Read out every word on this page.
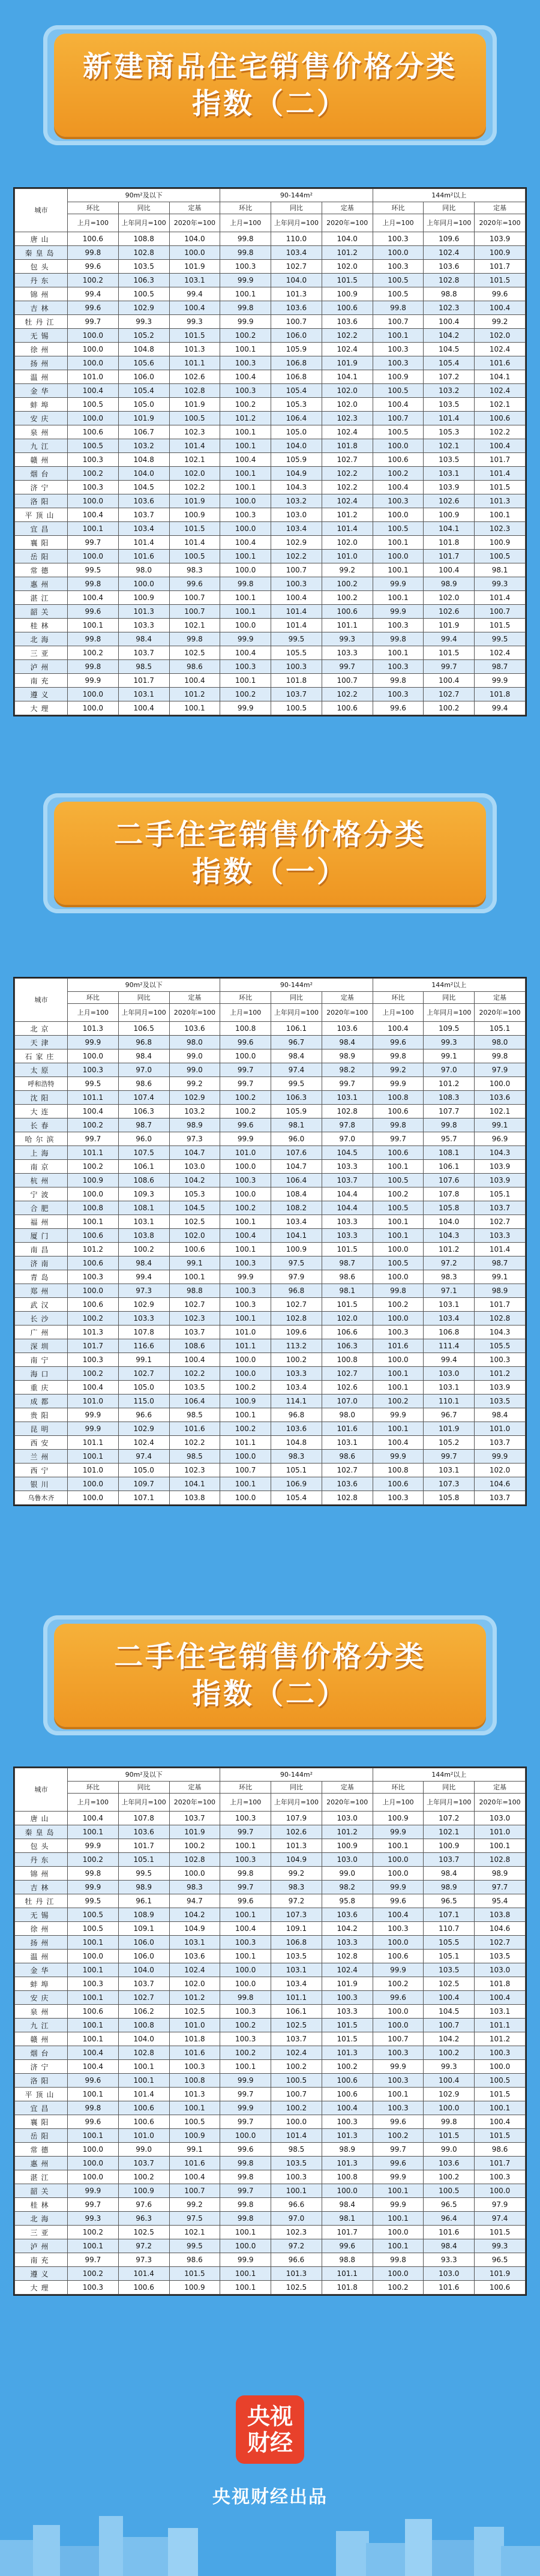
新建商品住宅销售价格分类

指数（二）

城市	90m²及以下			90-144m²			144m²以上		
	环比	同比	定基	环比	同比	定基	环比	同比	定基
	上月=100	上年同月=100	2020年=100	上月=100	上年同月=100	2020年=100	上月=100	上年同月=100	2020年=100
唐山	100.6	108.8	104.0	99.8	110.0	104.0	100.3	109.6	103.9
秦皇岛	99.8	102.8	100.0	99.8	103.4	101.2	100.0	102.4	100.9
包头	99.6	103.5	101.9	100.3	102.7	102.0	100.3	103.6	101.7
丹东	100.2	106.3	103.1	99.9	104.0	101.5	100.5	102.8	101.5
锦州	99.4	100.5	99.4	100.1	101.3	100.9	100.5	98.8	99.6
吉林	99.6	102.9	100.4	99.8	103.6	100.6	99.8	102.3	100.4
牡丹江	99.7	99.3	99.3	99.9	100.7	103.6	100.7	100.4	99.2
无锡	100.0	105.2	101.5	100.2	106.0	102.2	100.1	104.2	102.0
徐州	100.0	104.8	101.3	100.1	105.9	102.4	100.3	104.5	102.4
扬州	100.0	105.6	101.1	100.3	106.8	101.9	100.3	105.4	101.6
温州	101.0	106.0	102.6	100.4	106.8	104.1	100.9	107.2	104.1
金华	100.4	105.4	102.8	100.3	105.4	102.0	100.5	103.2	102.4
蚌埠	100.5	105.0	101.9	100.2	105.3	102.0	100.4	103.5	102.1
安庆	100.0	101.9	100.5	101.2	106.4	102.3	100.7	101.4	100.6
泉州	100.6	106.7	102.3	100.1	105.0	102.4	100.5	105.3	102.2
九江	100.5	103.2	101.4	100.1	104.0	101.8	100.0	102.1	100.4
赣州	100.3	104.8	102.1	100.4	105.9	102.7	100.6	103.5	101.7
烟台	100.2	104.0	102.0	100.1	104.9	102.2	100.2	103.1	101.4
济宁	100.3	104.5	102.2	100.1	104.3	102.2	100.4	103.9	101.5
洛阳	100.0	103.6	101.9	100.0	103.2	102.4	100.3	102.6	101.3
平顶山	100.4	103.7	100.9	100.3	103.0	101.2	100.0	100.9	100.1
宜昌	100.1	103.4	101.5	100.0	103.4	101.4	100.5	104.1	102.3
襄阳	99.7	101.4	101.4	100.4	102.9	102.0	100.1	101.8	100.9
岳阳	100.0	101.6	100.5	100.1	102.2	101.0	100.0	101.7	100.5
常德	99.5	98.0	98.3	100.0	100.7	99.2	100.1	100.4	98.1
惠州	99.8	100.0	99.6	99.8	100.3	100.2	99.9	98.9	99.3
湛江	100.4	100.9	100.7	100.1	100.4	100.2	100.1	102.0	101.4
韶关	99.6	101.3	100.7	100.1	101.4	100.6	99.9	102.6	100.7
桂林	100.1	103.3	102.1	100.0	101.4	101.1	100.3	101.9	101.5
北海	99.8	98.4	99.8	99.9	99.5	99.3	99.8	99.4	99.5
三亚	100.2	103.7	102.5	100.4	105.5	103.3	100.1	101.5	102.4
泸州	99.8	98.5	98.6	100.3	100.3	99.7	100.3	99.7	98.7
南充	99.9	101.7	100.4	100.1	101.8	100.7	99.8	100.4	99.9
遵义	100.0	103.1	101.2	100.2	103.7	102.2	100.3	102.7	101.8
大理	100.0	100.4	100.1	99.9	100.5	100.6	99.6	100.2	99.4

二手住宅销售价格分类

指数（一）

城市	90m²及以下			90-144m²			144m²以上		
	环比	同比	定基	环比	同比	定基	环比	同比	定基
	上月=100	上年同月=100	2020年=100	上月=100	上年同月=100	2020年=100	上月=100	上年同月=100	2020年=100
北京	101.3	106.5	103.6	100.8	106.1	103.6	100.4	109.5	105.1
天津	99.9	96.8	98.0	99.6	96.7	98.4	99.6	99.3	98.0
石家庄	100.0	98.4	99.0	100.0	98.4	98.9	99.8	99.1	99.8
太原	100.3	97.0	99.0	99.7	97.4	98.2	99.2	97.0	97.9
呼和浩特	99.5	98.6	99.2	99.7	99.5	99.7	99.9	101.2	100.0
沈阳	101.1	107.4	102.9	100.2	106.3	103.1	100.8	108.3	103.6
大连	100.4	106.3	103.2	100.2	105.9	102.8	100.6	107.7	102.1
长春	100.2	98.7	98.9	99.6	98.1	97.8	99.8	99.8	99.1
哈尔滨	99.7	96.0	97.3	99.9	96.0	97.0	99.7	95.7	96.9
上海	101.1	107.5	104.7	101.0	107.6	104.5	100.6	108.1	104.3
南京	100.2	106.1	103.0	100.0	104.7	103.3	100.1	106.1	103.9
杭州	100.9	108.6	104.2	100.3	106.4	103.7	100.5	107.6	103.9
宁波	100.0	109.3	105.3	100.0	108.4	104.4	100.2	107.8	105.1
合肥	100.8	108.1	104.5	100.2	108.2	104.4	100.5	105.8	103.7
福州	100.1	103.1	102.5	100.1	103.4	103.3	100.1	104.0	102.7
厦门	100.6	103.8	102.0	100.4	104.1	103.3	100.1	104.3	103.3
南昌	101.2	100.2	100.6	100.1	100.9	101.5	100.0	101.2	101.4
济南	100.6	98.4	99.1	100.3	97.5	98.7	100.5	97.2	98.7
青岛	100.3	99.4	100.1	99.9	97.9	98.6	100.0	98.3	99.1
郑州	100.0	97.3	98.8	100.3	96.8	98.1	99.8	97.1	98.9
武汉	100.6	102.9	102.7	100.3	102.7	101.5	100.2	103.1	101.7
长沙	100.2	103.3	102.3	100.1	102.8	102.0	100.0	103.4	102.8
广州	101.3	107.8	103.7	101.0	109.6	106.6	100.3	106.8	104.3
深圳	101.7	116.6	108.6	101.1	113.2	106.3	101.6	111.4	105.5
南宁	100.3	99.1	100.4	100.0	100.2	100.8	100.0	99.4	100.3
海口	100.2	102.7	102.2	100.0	103.3	102.7	100.1	103.0	101.2
重庆	100.4	105.0	103.5	100.2	103.4	102.6	100.1	103.1	103.9
成都	101.0	115.0	106.4	100.9	114.1	107.0	100.2	110.1	103.5
贵阳	99.9	96.6	98.5	100.1	96.8	98.0	99.9	96.7	98.4
昆明	99.9	102.9	101.6	100.2	103.6	101.6	100.1	101.9	101.0
西安	101.1	102.4	102.2	101.1	104.8	103.1	100.4	105.2	103.7
兰州	100.1	97.4	98.5	100.0	98.3	98.6	99.9	99.7	99.9
西宁	101.0	105.0	102.3	100.7	105.1	102.7	100.8	103.1	102.0
银川	100.0	109.7	104.1	100.1	106.9	103.6	100.6	107.3	104.6
乌鲁木齐	100.0	107.1	103.8	100.0	105.4	102.8	100.3	105.8	103.7

二手住宅销售价格分类

指数（二）

城市	90m²及以下			90-144m²			144m²以上		
	环比	同比	定基	环比	同比	定基	环比	同比	定基
	上月=100	上年同月=100	2020年=100	上月=100	上年同月=100	2020年=100	上月=100	上年同月=100	2020年=100
唐山	100.4	107.8	103.7	100.3	107.9	103.0	100.9	107.2	103.0
秦皇岛	100.1	103.6	101.9	99.7	102.6	101.2	99.9	102.1	101.0
包头	99.9	101.7	100.2	100.1	101.3	100.9	100.1	100.9	100.1
丹东	100.2	105.1	102.8	100.3	104.9	103.0	100.0	103.7	102.8
锦州	99.8	99.5	100.0	99.8	99.2	99.0	100.0	98.4	98.9
吉林	99.9	98.9	98.3	99.7	98.3	98.2	99.9	98.9	97.7
牡丹江	99.5	96.1	94.7	99.6	97.2	95.8	99.6	96.5	95.4
无锡	100.5	108.9	104.2	100.1	107.3	103.6	100.4	107.1	103.8
徐州	100.5	109.1	104.9	100.4	109.1	104.2	100.3	110.7	104.6
扬州	100.1	106.0	103.1	100.3	106.8	103.3	100.0	105.5	102.7
温州	100.0	106.0	103.6	100.1	103.5	102.8	100.6	105.1	103.5
金华	100.1	104.0	102.4	100.0	103.1	102.4	99.9	103.5	103.0
蚌埠	100.3	103.7	102.0	100.0	103.4	101.9	100.2	102.5	101.8
安庆	100.1	102.7	101.2	99.8	101.1	100.3	99.6	100.4	100.4
泉州	100.6	106.2	102.5	100.3	106.1	103.3	100.0	104.5	103.1
九江	100.1	100.8	101.0	100.2	102.5	101.5	100.0	100.7	101.1
赣州	100.1	104.0	101.8	100.3	103.7	101.5	100.7	104.2	101.2
烟台	100.4	102.8	101.6	100.2	102.4	101.3	100.3	100.2	100.3
济宁	100.4	100.1	100.3	100.1	100.2	100.2	99.9	99.3	100.0
洛阳	99.6	100.1	100.8	99.9	100.5	100.6	100.3	100.4	100.5
平顶山	100.1	101.4	101.3	99.7	100.7	100.6	100.1	102.9	101.5
宜昌	99.8	100.6	100.1	99.9	100.2	100.4	100.3	100.0	100.1
襄阳	99.6	100.6	100.5	99.7	100.0	100.3	99.6	99.8	100.4
岳阳	100.1	101.0	100.9	100.0	101.4	101.3	100.2	101.5	101.5
常德	100.0	99.0	99.1	99.6	98.5	98.9	99.7	99.0	98.6
惠州	100.0	103.7	101.6	99.8	103.5	101.3	99.6	103.6	101.7
湛江	100.0	100.2	100.4	99.8	100.3	100.8	99.9	100.2	100.3
韶关	99.9	100.9	100.7	99.7	100.1	100.0	100.1	100.5	100.0
桂林	99.7	97.6	99.2	99.8	96.6	98.4	99.9	96.5	97.9
北海	99.3	96.3	97.5	99.8	97.0	98.1	100.1	96.4	97.4
三亚	100.2	102.5	102.1	100.1	102.3	101.7	100.0	101.6	101.5
泸州	100.1	97.2	99.5	100.0	97.2	99.6	100.1	98.4	99.3
南充	99.7	97.3	98.6	99.9	96.6	98.8	99.8	93.3	96.5
遵义	100.2	101.4	101.5	100.1	101.3	101.1	100.0	103.0	101.9
大理	100.3	100.6	100.9	100.1	102.5	101.8	100.2	101.6	100.6
央视
财经
央视财经出品
